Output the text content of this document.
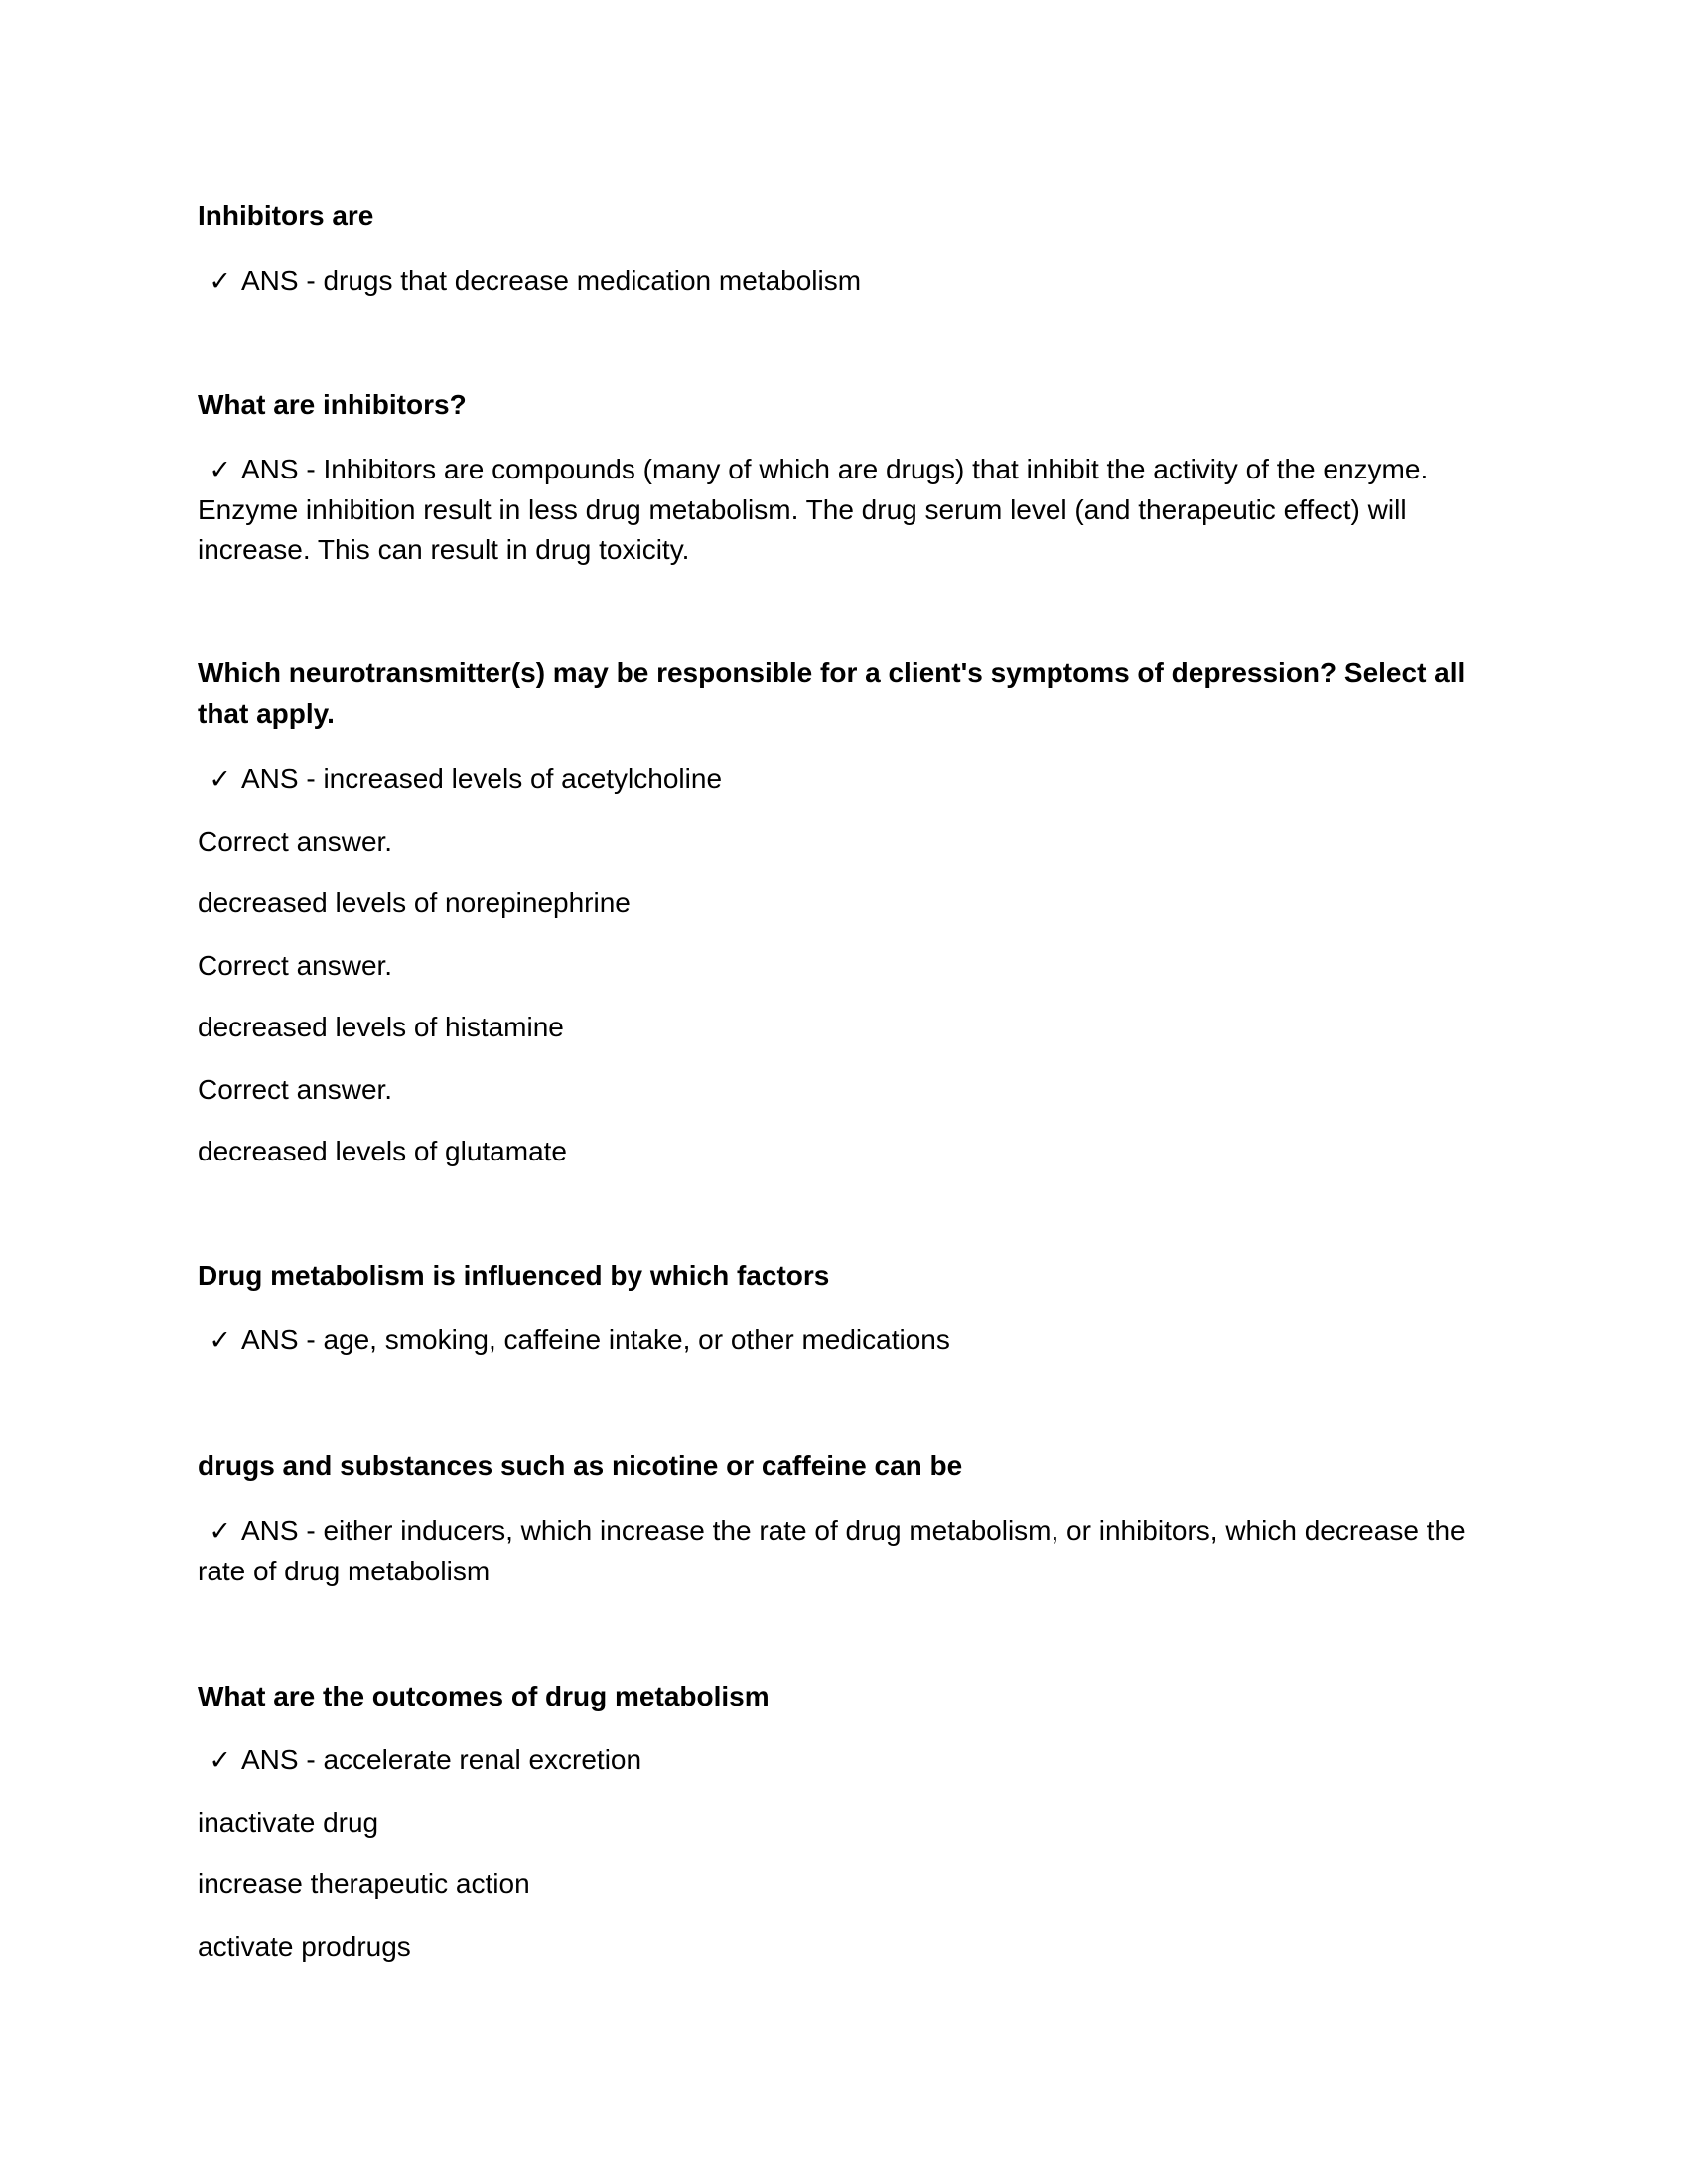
Inhibitors are
✓ ANS - drugs that decrease medication metabolism
What are inhibitors?
✓ ANS - Inhibitors are compounds (many of which are drugs) that inhibit the activity of the enzyme. Enzyme inhibition result in less drug metabolism. The drug serum level (and therapeutic effect) will increase. This can result in drug toxicity.
Which neurotransmitter(s) may be responsible for a client's symptoms of depression? Select all that apply.
✓ ANS - increased levels of acetylcholine
Correct answer.
decreased levels of norepinephrine
Correct answer.
decreased levels of histamine
Correct answer.
decreased levels of glutamate
Drug metabolism is influenced by which factors
✓ ANS - age, smoking, caffeine intake, or other medications
drugs and substances such as nicotine or caffeine can be
✓ ANS - either inducers, which increase the rate of drug metabolism, or inhibitors, which decrease the rate of drug metabolism
What are the outcomes of drug metabolism
✓ ANS - accelerate renal excretion
inactivate drug
increase therapeutic action
activate prodrugs
